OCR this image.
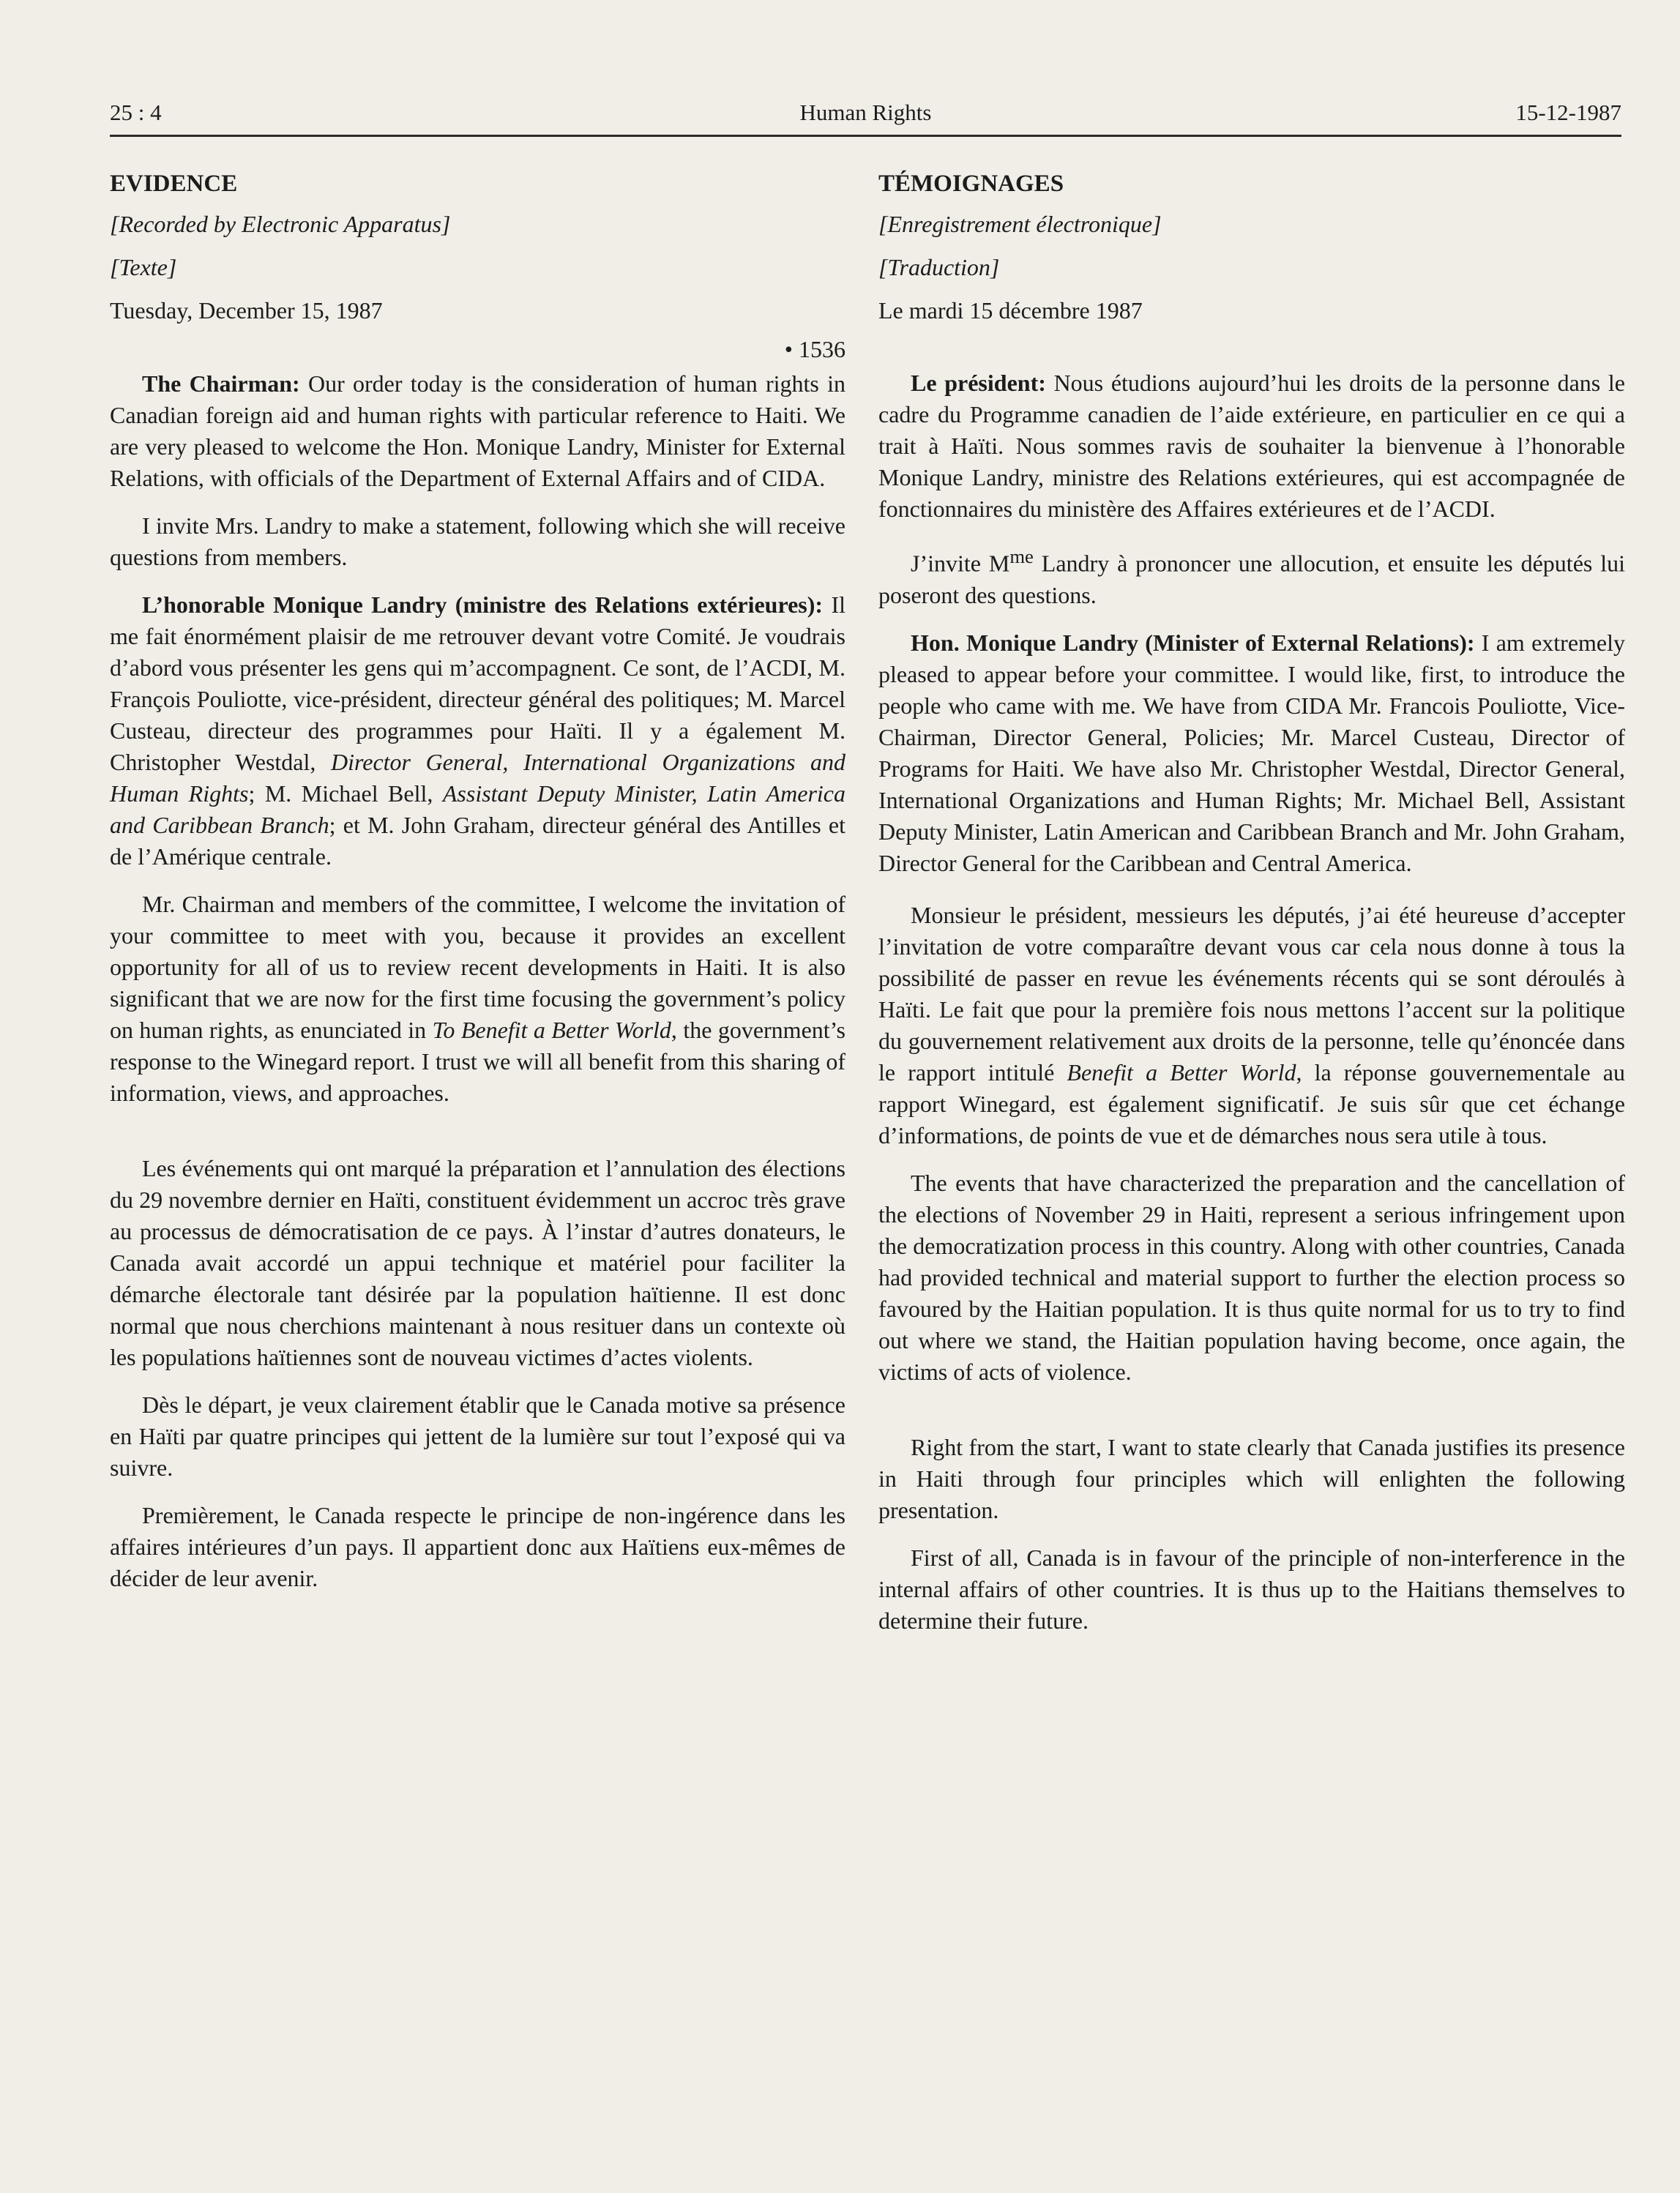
25 : 4	Human Rights	15-12-1987
EVIDENCE
[Recorded by Electronic Apparatus]
[Texte]
Tuesday, December 15, 1987
• 1536

The Chairman: Our order today is the consideration of human rights in Canadian foreign aid and human rights with particular reference to Haiti. We are very pleased to welcome the Hon. Monique Landry, Minister for External Relations, with officials of the Department of External Affairs and of CIDA.

I invite Mrs. Landry to make a statement, following which she will receive questions from members.

L’honorable Monique Landry (ministre des Relations extérieures): Il me fait énormément plaisir de me retrouver devant votre Comité. Je voudrais d’abord vous présenter les gens qui m’accompagnent. Ce sont, de l’ACDI, M. François Pouliotte, vice-président, directeur général des politiques; M. Marcel Custeau, directeur des programmes pour Haïti. Il y a également M. Christopher Westdal, Director General, International Organizations and Human Rights; M. Michael Bell, Assistant Deputy Minister, Latin America and Caribbean Branch; et M. John Graham, directeur général des Antilles et de l’Amérique centrale.

Mr. Chairman and members of the committee, I welcome the invitation of your committee to meet with you, because it provides an excellent opportunity for all of us to review recent developments in Haiti. It is also significant that we are now for the first time focusing the government’s policy on human rights, as enunciated in To Benefit a Better World, the government’s response to the Winegard report. I trust we will all benefit from this sharing of information, views, and approaches.

Les événements qui ont marqué la préparation et l’annulation des élections du 29 novembre dernier en Haïti, constituent évidemment un accroc très grave au processus de démocratisation de ce pays. À l’instar d’autres donateurs, le Canada avait accordé un appui technique et matériel pour faciliter la démarche électorale tant désirée par la population haïtienne. Il est donc normal que nous cherchions maintenant à nous resituer dans un contexte où les populations haïtiennes sont de nouveau victimes d’actes violents.

Dès le départ, je veux clairement établir que le Canada motive sa présence en Haïti par quatre principes qui jettent de la lumière sur tout l’exposé qui va suivre.

Premièrement, le Canada respecte le principe de non-ingérence dans les affaires intérieures d’un pays. Il appartient donc aux Haïtiens eux-mêmes de décider de leur avenir.

TÉMOIGNAGES
[Enregistrement électronique]
[Traduction]
Le mardi 15 décembre 1987

Le président: Nous étudions aujourd’hui les droits de la personne dans le cadre du Programme canadien de l’aide extérieure, en particulier en ce qui a trait à Haïti. Nous sommes ravis de souhaiter la bienvenue à l’honorable Monique Landry, ministre des Relations extérieures, qui est accompagnée de fonctionnaires du ministère des Affaires extérieures et de l’ACDI.

J’invite $M^{me}$ Landry à prononcer une allocution, et ensuite les députés lui poseront des questions.

Hon. Monique Landry (Minister of External Relations): I am extremely pleased to appear before your committee. I would like, first, to introduce the people who came with me. We have from CIDA Mr. Francois Pouliotte, Vice-Chairman, Director General, Policies; Mr. Marcel Custeau, Director of Programs for Haiti. We have also Mr. Christopher Westdal, Director General, International Organizations and Human Rights; Mr. Michael Bell, Assistant Deputy Minister, Latin American and Caribbean Branch and Mr. John Graham, Director General for the Caribbean and Central America.

Monsieur le président, messieurs les députés, j’ai été heureuse d’accepter l’invitation de votre comparaître devant vous car cela nous donne à tous la possibilité de passer en revue les événements récents qui se sont déroulés à Haïti. Le fait que pour la première fois nous mettons l’accent sur la politique du gouvernement relativement aux droits de la personne, telle qu’énoncée dans le rapport intitulé Benefit a Better World, la réponse gouvernementale au rapport Winegard, est également significatif. Je suis sûr que cet échange d’informations, de points de vue et de démarches nous sera utile à tous.

The events that have characterized the preparation and the cancellation of the elections of November 29 in Haiti, represent a serious infringement upon the democratization process in this country. Along with other countries, Canada had provided technical and material support to further the election process so favoured by the Haitian population. It is thus quite normal for us to try to find out where we stand, the Haitian population having become, once again, the victims of acts of violence.

Right from the start, I want to state clearly that Canada justifies its presence in Haiti through four principles which will enlighten the following presentation.

First of all, Canada is in favour of the principle of non-interference in the internal affairs of other countries. It is thus up to the Haitians themselves to determine their future.
